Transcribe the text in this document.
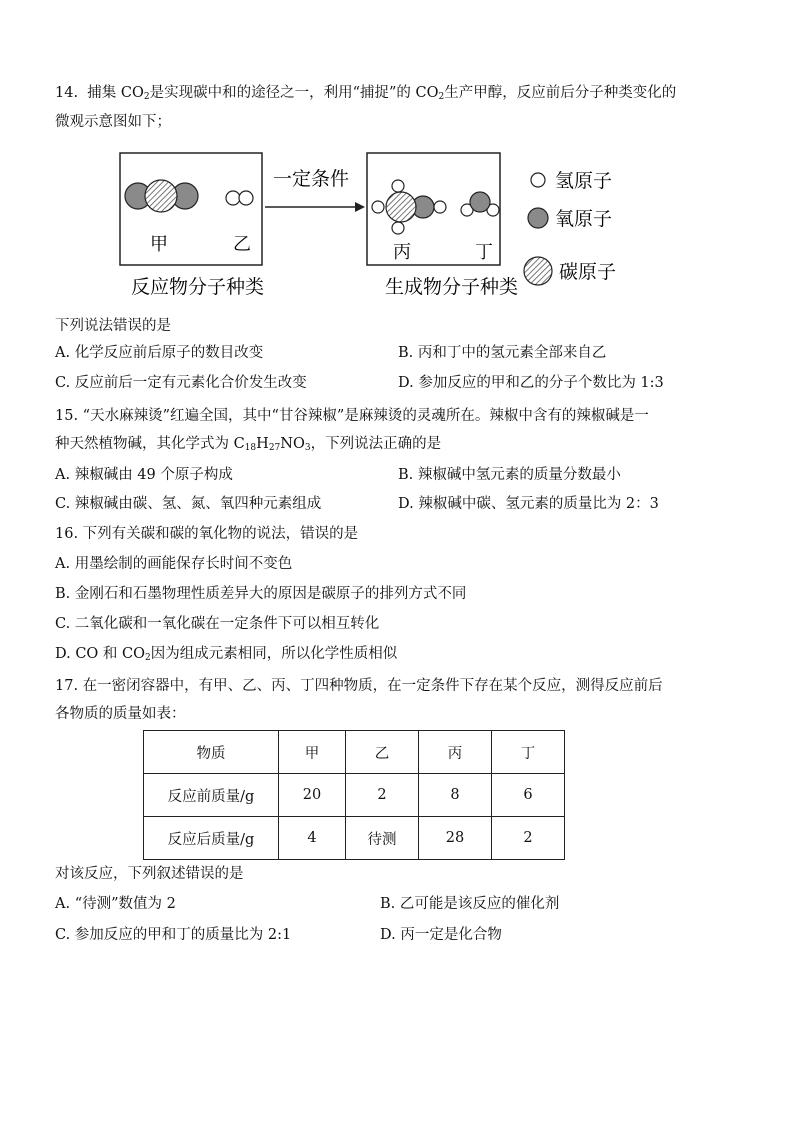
14. 捕集 $CO_2$是实现碳中和的途径之一，利用“捕捉”的 $CO_2$生产甲醇，反应前后分子种类变化的
微观示意图如下；
甲	乙
反应物分子种类
一定条件
丙	丁
生成物分子种类
氢原子
氧原子
碳原子
下列说法错误的是
A. 化学反应前后原子的数目改变	B. 丙和丁中的氢元素全部来自乙
C. 反应前后一定有元素化合价发生改变	D. 参加反应的甲和乙的分子个数比为 1:3
15. “天水麻辣烫”红遍全国，其中“甘谷辣椒”是麻辣烫的灵魂所在。辣椒中含有的辣椒碱是一
种天然植物碱，其化学式为 $C_{18}H_{27}NO_3$，下列说法正确的是
A. 辣椒碱由 49 个原子构成	B. 辣椒碱中氢元素的质量分数最小
C. 辣椒碱由碳、氢、氮、氧四种元素组成	D. 辣椒碱中碳、氢元素的质量比为 2：3
16. 下列有关碳和碳的氧化物的说法，错误的是
A. 用墨绘制的画能保存长时间不变色
B. 金刚石和石墨物理性质差异大的原因是碳原子的排列方式不同
C. 二氧化碳和一氧化碳在一定条件下可以相互转化
D. CO 和 $CO_2$因为组成元素相同，所以化学性质相似
17. 在一密闭容器中，有甲、乙、丙、丁四种物质，在一定条件下存在某个反应，测得反应前后
各物质的质量如表：
物质	甲	乙	丙	丁
反应前质量/g	20	2	8	6
反应后质量/g	4	待测	28	2
对该反应，下列叙述错误的是
A. “待测”数值为 2	B. 乙可能是该反应的催化剂
C. 参加反应的甲和丁的质量比为 2:1	D. 丙一定是化合物
